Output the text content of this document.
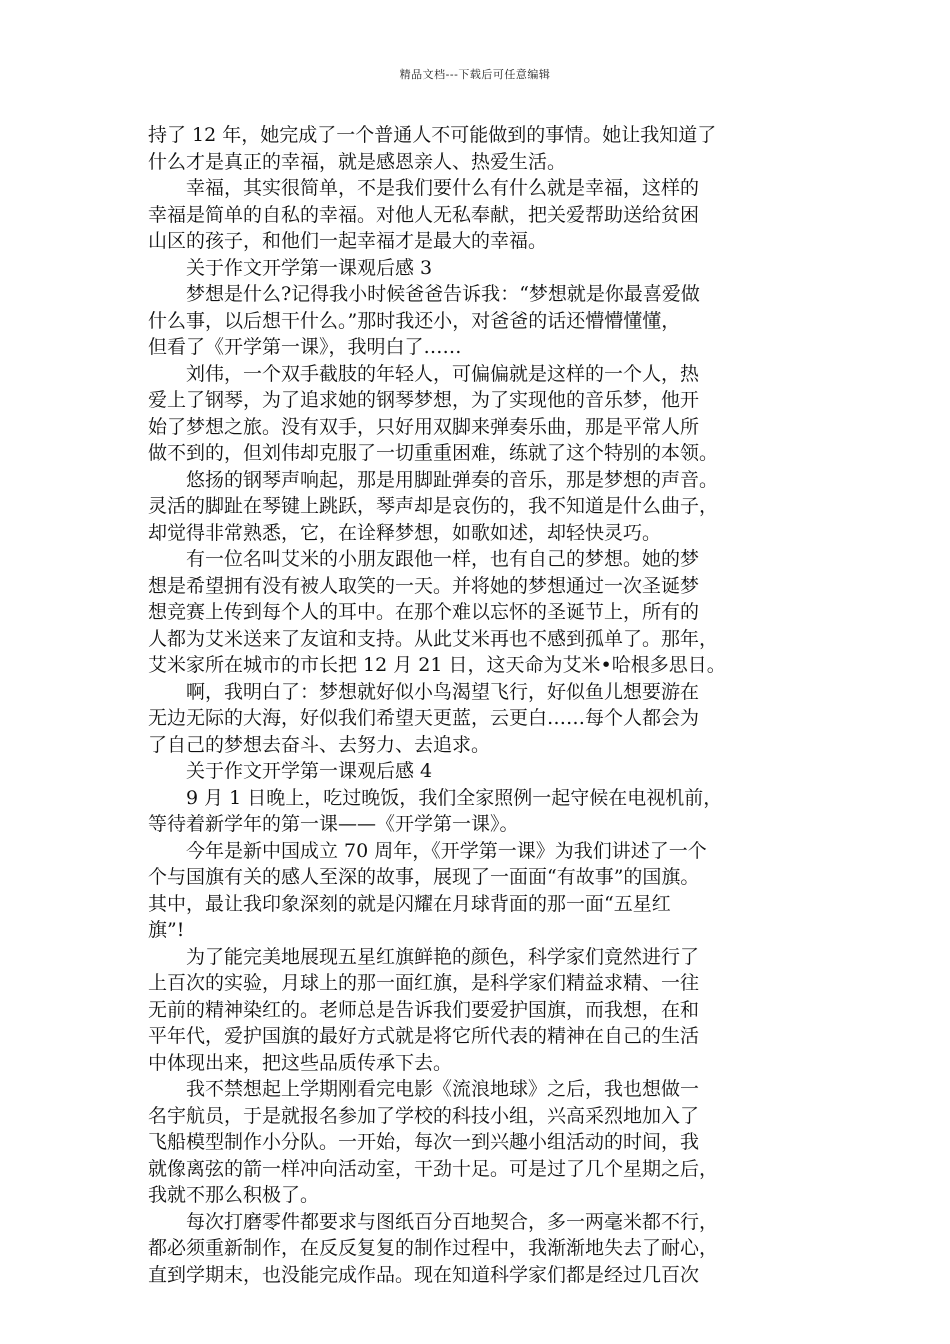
精品文档---下载后可任意编辑
持了 12 年，她完成了一个普通人不可能做到的事情。她让我知道了
什么才是真正的幸福，就是感恩亲人、热爱生活。
幸福，其实很简单，不是我们要什么有什么就是幸福，这样的
幸福是简单的自私的幸福。对他人无私奉献，把关爱帮助送给贫困
山区的孩子，和他们一起幸福才是最大的幸福。
关于作文开学第一课观后感 3
梦想是什么?记得我小时候爸爸告诉我：“梦想就是你最喜爱做
什么事，以后想干什么。”那时我还小，对爸爸的话还懵懵懂懂，
但看了《开学第一课》，我明白了……
刘伟，一个双手截肢的年轻人，可偏偏就是这样的一个人，热
爱上了钢琴，为了追求她的钢琴梦想，为了实现他的音乐梦，他开
始了梦想之旅。没有双手，只好用双脚来弹奏乐曲，那是平常人所
做不到的，但刘伟却克服了一切重重困难，练就了这个特别的本领。
悠扬的钢琴声响起，那是用脚趾弹奏的音乐，那是梦想的声音。
灵活的脚趾在琴键上跳跃，琴声却是哀伤的，我不知道是什么曲子，
却觉得非常熟悉，它，在诠释梦想，如歌如述，却轻快灵巧。
有一位名叫艾米的小朋友跟他一样，也有自己的梦想。她的梦
想是希望拥有没有被人取笑的一天。并将她的梦想通过一次圣诞梦
想竞赛上传到每个人的耳中。在那个难以忘怀的圣诞节上，所有的
人都为艾米送来了友谊和支持。从此艾米再也不感到孤单了。那年，
艾米家所在城市的市长把 12 月 21 日，这天命为艾米•哈根多思日。
啊，我明白了：梦想就好似小鸟渴望飞行，好似鱼儿想要游在
无边无际的大海，好似我们希望天更蓝，云更白……每个人都会为
了自己的梦想去奋斗、去努力、去追求。
关于作文开学第一课观后感 4
9 月 1 日晚上，吃过晚饭，我们全家照例一起守候在电视机前，
等待着新学年的第一课——《开学第一课》。
今年是新中国成立 70 周年，《开学第一课》为我们讲述了一个
个与国旗有关的感人至深的故事，展现了一面面“有故事”的国旗。
其中，最让我印象深刻的就是闪耀在月球背面的那一面“五星红
旗”!
为了能完美地展现五星红旗鲜艳的颜色，科学家们竟然进行了
上百次的实验，月球上的那一面红旗，是科学家们精益求精、一往
无前的精神染红的。老师总是告诉我们要爱护国旗，而我想，在和
平年代，爱护国旗的最好方式就是将它所代表的精神在自己的生活
中体现出来，把这些品质传承下去。
我不禁想起上学期刚看完电影《流浪地球》之后，我也想做一
名宇航员，于是就报名参加了学校的科技小组，兴高采烈地加入了
飞船模型制作小分队。一开始，每次一到兴趣小组活动的时间，我
就像离弦的箭一样冲向活动室，干劲十足。可是过了几个星期之后，
我就不那么积极了。
每次打磨零件都要求与图纸百分百地契合，多一两毫米都不行，
都必须重新制作，在反反复复的制作过程中，我渐渐地失去了耐心，
直到学期末，也没能完成作品。现在知道科学家们都是经过几百次
